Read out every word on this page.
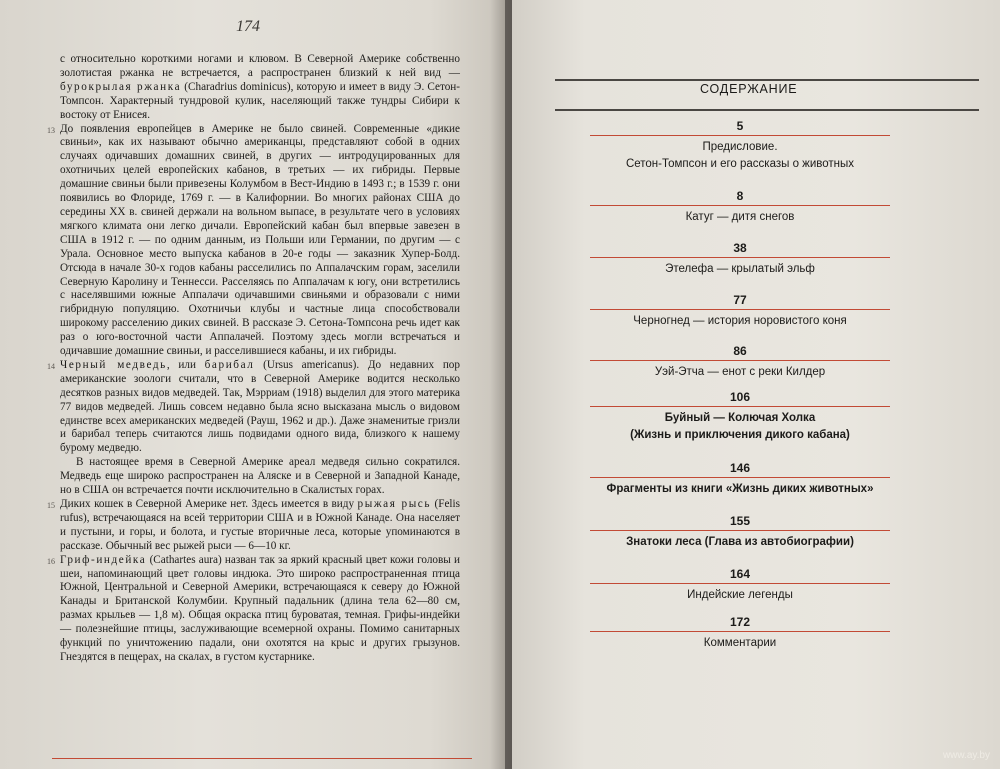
174

с относительно короткими ногами и клювом. В Северной Америке собственно золотистая ржанка не встречается, а распространен близкий к ней вид — бурокрылая ржанка (Charadrius dominicus), которую и имеет в виду Э. Сетон-Томпсон. Характерный тундровой кулик, населяющий также тундры Сибири к востоку от Енисея.

13 До появления европейцев в Америке не было свиней. Современные «дикие свиньи», как их называют обычно американцы, представляют собой в одних случаях одичавших домашних свиней, в других — интродуцированных для охотничьих целей европейских кабанов, в третьих — их гибриды. Первые домашние свиньи были привезены Колумбом в Вест-Индию в 1493 г.; в 1539 г. они появились во Флориде, 1769 г. — в Калифорнии. Во многих районах США до середины XX в. свиней держали на вольном выпасе, в результате чего в условиях мягкого климата они легко дичали. Европейский кабан был впервые завезен в США в 1912 г. — по одним данным, из Польши или Германии, по другим — с Урала. Основное место выпуска кабанов в 20-е годы — заказник Хупер-Болд. Отсюда в начале 30-х годов кабаны расселились по Аппалачским горам, заселили Северную Каролину и Теннесси. Расселяясь по Аппалачам к югу, они встретились с населявшими южные Аппалачи одичавшими свиньями и образовали с ними гибридную популяцию. Охотничьи клубы и частные лица способствовали широкому расселению диких свиней. В рассказе Э. Сетона-Томпсона речь идет как раз о юго-восточной части Аппалачей. Поэтому здесь могли встречаться и одичавшие домашние свиньи, и расселившиеся кабаны, и их гибриды.

14 Черный медведь, или барибал (Ursus americanus). До недавних пор американские зоологи считали, что в Северной Америке водится несколько десятков разных видов медведей. Так, Мэрриам (1918) выделил для этого материка 77 видов медведей. Лишь совсем недавно была ясно высказана мысль о видовом единстве всех американских медведей (Рауш, 1962 и др.). Даже знаменитые гризли и барибал теперь считаются лишь подвидами одного вида, близкого к нашему бурому медведю.

В настоящее время в Северной Америке ареал медведя сильно сократился. Медведь еще широко распространен на Аляске и в Северной и Западной Канаде, но в США он встречается почти исключительно в Скалистых горах.

15 Диких кошек в Северной Америке нет. Здесь имеется в виду рыжая рысь (Felis rufus), встречающаяся на всей территории США и в Южной Канаде. Она населяет и пустыни, и горы, и болота, и густые вторичные леса, которые упоминаются в рассказе. Обычный вес рыжей рыси — 6—10 кг.

16 Гриф-индейка (Cathartes aura) назван так за яркий красный цвет кожи головы и шеи, напоминающий цвет головы индюка. Это широко распространенная птица Южной, Центральной и Северной Америки, встречающаяся к северу до Южной Канады и Британской Колумбии. Крупный падальник (длина тела 62—80 см, размах крыльев — 1,8 м). Общая окраска птиц буроватая, темная. Грифы-индейки — полезнейшие птицы, заслуживающие всемерной охраны. Помимо санитарных функций по уничтожению падали, они охотятся на крыс и других грызунов. Гнездятся в пещерах, на скалах, в густом кустарнике.

СОДЕРЖАНИЕ
5
Предисловие.
Сетон-Томпсон и его рассказы о животных
8
Катуг — дитя снегов
38
Этелефа — крылатый эльф
77
Черногнед — история норовистого коня
86
Уэй-Этча — енот с реки Килдер
106
Буйный — Колючая Холка
(Жизнь и приключения дикого кабана)
146
Фрагменты из книги «Жизнь диких животных»
155
Знатоки леса (Глава из автобиографии)
164
Индейские легенды
172
Комментарии
www.ay.by
